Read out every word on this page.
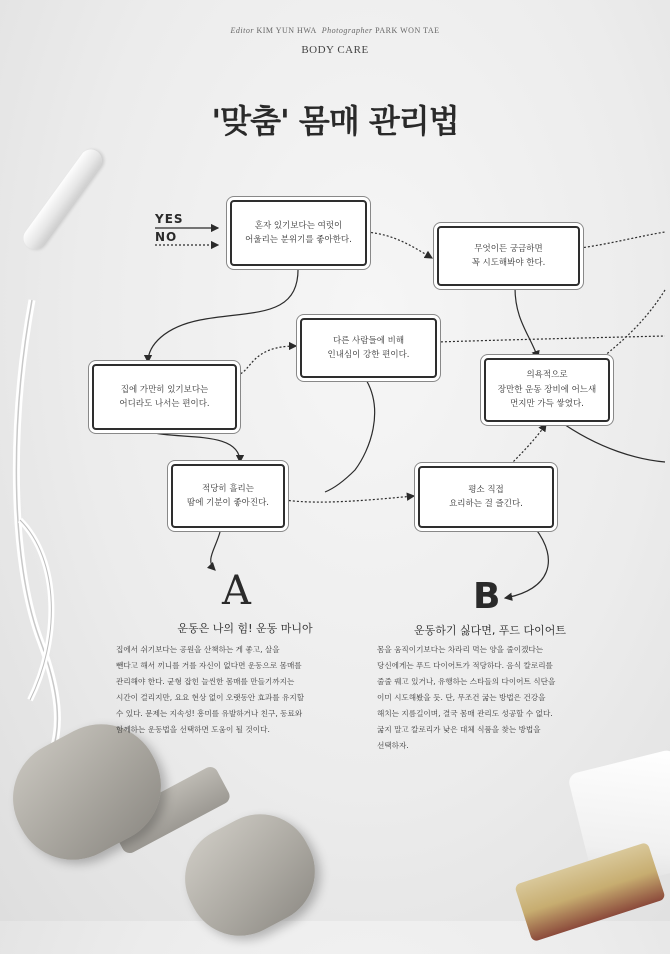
Editor KIM YUN HWA Photographer PARK WON TAE
BODY CARE
'맞춤' 몸매 관리법
YES
NO
혼자 있기보다는 여럿이
어울리는 분위기를 좋아한다.
무엇이든 궁금하면
꼭 시도해봐야 한다.
다른 사람들에 비해
인내심이 강한 편이다.
집에 가만히 있기보다는
어디라도 나서는 편이다.
의욕적으로
장만한 운동 장비에 어느새
먼지만 가득 쌓였다.
적당히 흘리는
땀에 기분이 좋아진다.
평소 직접
요리하는 걸 즐긴다.
A
운동은 나의 힘! 운동 마니아
집에서 쉬기보다는 공원을 산책하는 게 좋고, 살을
뺀다고 해서 끼니를 거를 자신이 없다면 운동으로 몸매를
관리해야 한다. 균형 잡힌 늘씬한 몸매를 만들기까지는
시간이 걸리지만, 요요 현상 없이 오랫동안 효과를 유지할
수 있다. 문제는 지속성! 흥미를 유발하거나 친구, 동료와
함께하는 운동법을 선택하면 도움이 될 것이다.
B
운동하기 싫다면, 푸드 다이어트
몸을 움직이기보다는 차라리 먹는 양을 줄이겠다는
당신에게는 푸드 다이어트가 적당하다. 음식 칼로리를
줄줄 꿰고 있거나, 유행하는 스타들의 다이어트 식단을
이미 시도해봤을 듯. 단, 무조건 굶는 방법은 건강을
해치는 지름길이며, 결국 몸매 관리도 성공할 수 없다.
굶지 말고 칼로리가 낮은 대체 식품을 찾는 방법을
선택하자.
